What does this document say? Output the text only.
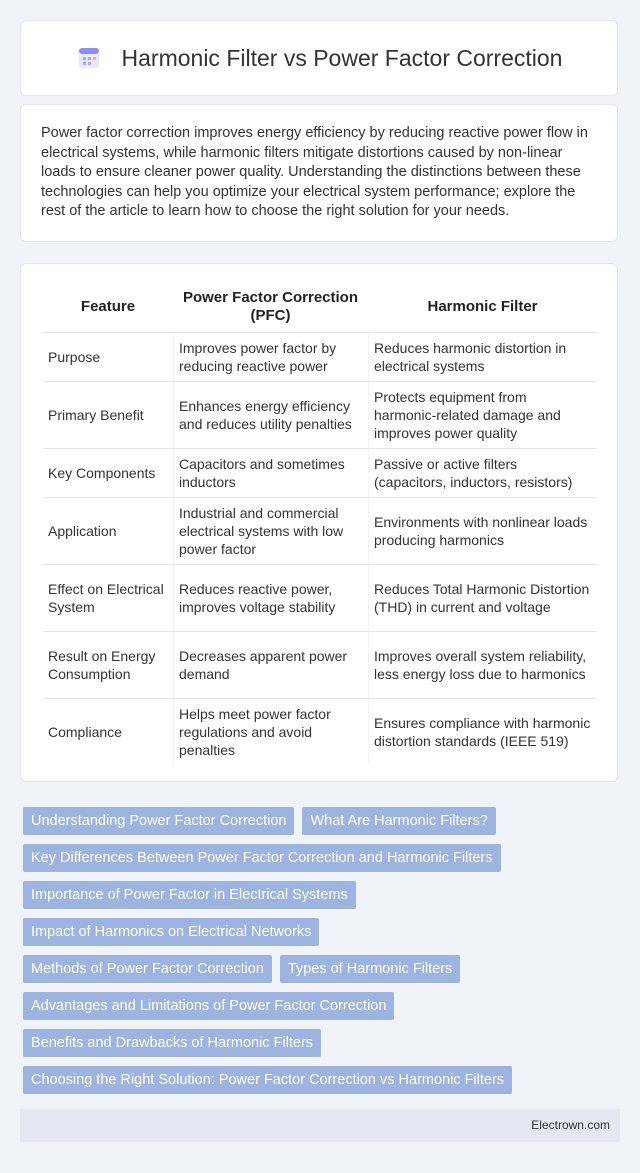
Harmonic Filter vs Power Factor Correction

Power factor correction improves energy efficiency by reducing reactive power flow in electrical systems, while harmonic filters mitigate distortions caused by non-linear loads to ensure cleaner power quality. Understanding the distinctions between these technologies can help you optimize your electrical system performance; explore the rest of the article to learn how to choose the right solution for your needs.

Feature	Power Factor Correction (PFC)	Harmonic Filter
Purpose	Improves power factor by reducing reactive power	Reduces harmonic distortion in electrical systems
Primary Benefit	Enhances energy efficiency and reduces utility penalties	Protects equipment from harmonic-related damage and improves power quality
Key Components	Capacitors and sometimes inductors	Passive or active filters (capacitors, inductors, resistors)
Application	Industrial and commercial electrical systems with low power factor	Environments with nonlinear loads producing harmonics
Effect on Electrical System	Reduces reactive power, improves voltage stability	Reduces Total Harmonic Distortion (THD) in current and voltage
Result on Energy Consumption	Decreases apparent power demand	Improves overall system reliability, less energy loss due to harmonics
Compliance	Helps meet power factor regulations and avoid penalties	Ensures compliance with harmonic distortion standards (IEEE 519)
Understanding Power Factor Correction	What Are Harmonic Filters?
Key Differences Between Power Factor Correction and Harmonic Filters
Importance of Power Factor in Electrical Systems
Impact of Harmonics on Electrical Networks
Methods of Power Factor Correction	Types of Harmonic Filters
Advantages and Limitations of Power Factor Correction
Benefits and Drawbacks of Harmonic Filters
Choosing the Right Solution: Power Factor Correction vs Harmonic Filters
Electrown.com
